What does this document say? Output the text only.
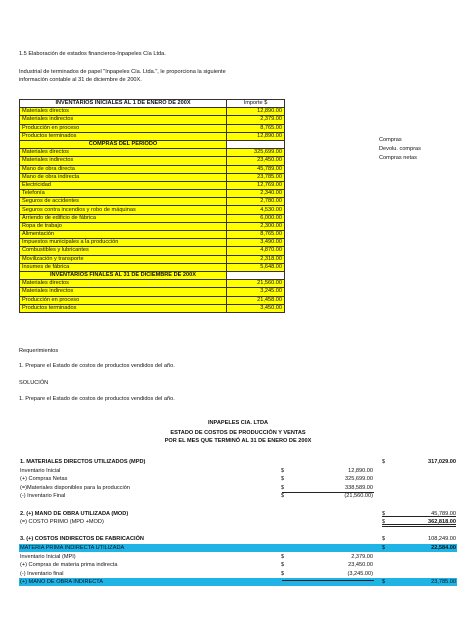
1.5 Elaboración de estados financieros-Inpapeles Cía Ltda.
Industrial de terminados de papel "Inpapeles Cía. Ltda.", le proporciona la siguiente
información contable al 31 de diciembre de 200X.
INVENTARIOS INICIALES AL 1 DE ENERO DE 200X	Importe $
Materiales directos	12,890.00
Materiales indirectos	2,379.00
Producción en proceso	8,765.00
Productos terminados	12,890.00
COMPRAS DEL PERIODO	
Materiales directos	325,699.00
Materiales indirectos	23,450.00
Mano de obra directa	45,789.00
Mano de obra indirecta	23,785.00
Electricidad	12,769.00
Telefonía	2,340.00
Seguros de accidentes	2,780.00
Seguros contra incendios y robo de máquinas	4,530.00
Arriendo de edificio de fábrica	6,000.00
Ropa de trabajo	2,300.00
Alimentación	8,765.00
Impuestos municipales a la producción	3,490.00
Combustibles y lubricantes	4,870.00
Movilización y transporte	2,318.00
Insumes de fábrica	5,648.00
INVENTARIOS FINALES AL 31 DE DICIEMBRE DE 200X	
Materiales directos	21,560.00
Materiales indirectos	3,245.00
Producción en proceso	21,458.00
Productos terminados	3,450.00
Compras
Devolu. compras
Compras netas
Requerimientos
1. Prepare el Estado de costos de productos vendidos del año.
SOLUCIÓN
1. Prepare el Estado de costos de productos vendidos del año.
INPAPELES CIA. LTDA
ESTADO DE COSTOS DE PRODUCCIÓN Y VENTAS
POR EL MES QUE TERMINÓ AL 31 DE ENERO DE 200X
1. MATERIALES DIRECTOS UTILIZADOS (MPD)	$	317,029.00
Inventario Inicial	$	12,890.00
(+) Compras Netas	$	325,699.00
(=)Materiales disponibles para la producción	$	338,589.00
(-) Inventario Final	$	(21,560.00)
2. (+) MANO DE OBRA UTILIZADA (MOD)	$	45,789.00
(=) COSTO PRIMO (MPD +MOD)	$	362,818.00
3. (+) COSTOS INDIRECTOS DE FABRICACIÓN	$	108,249.00
MATERIA PRIMA INDIRECTA UTILIZADA	$	22,584.00
Inventario Inicial (MPI)	$	2,379.00
(+) Compras de materia prima indirecta	$	23,450.00
(-) Inventario final	$	(3,245.00)
(+) MANO DE OBRA INDIRECTA	$	23,785.00
